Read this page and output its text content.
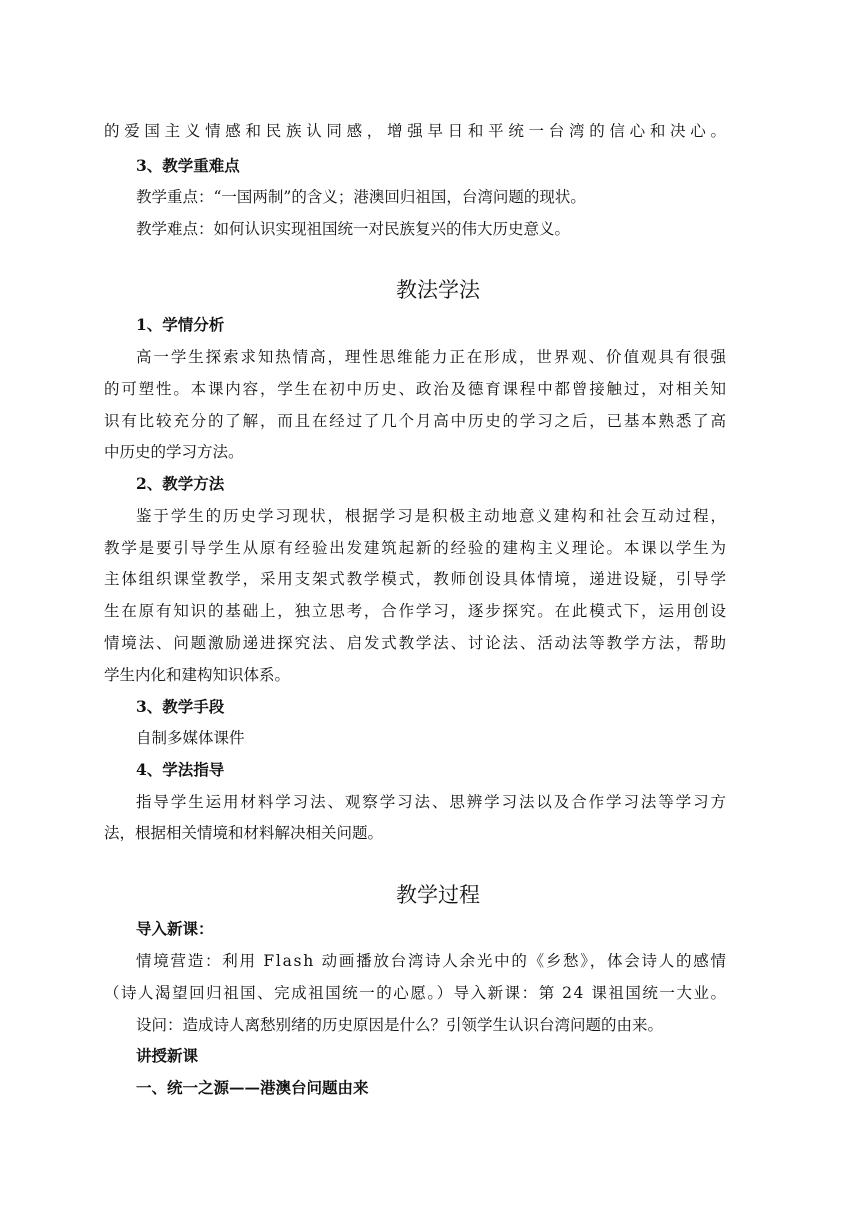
的爱国主义情感和民族认同感，增强早日和平统一台湾的信心和决心。
3、教学重难点
教学重点：“一国两制”的含义；港澳回归祖国，台湾问题的现状。
教学难点：如何认识实现祖国统一对民族复兴的伟大历史意义。
教法学法
1、学情分析
高一学生探索求知热情高，理性思维能力正在形成，世界观、价值观具有很强
的可塑性。本课内容，学生在初中历史、政治及德育课程中都曾接触过，对相关知
识有比较充分的了解，而且在经过了几个月高中历史的学习之后，已基本熟悉了高
中历史的学习方法。
2、教学方法
鉴于学生的历史学习现状，根据学习是积极主动地意义建构和社会互动过程，
教学是要引导学生从原有经验出发建筑起新的经验的建构主义理论。本课以学生为
主体组织课堂教学，采用支架式教学模式，教师创设具体情境，递进设疑，引导学
生在原有知识的基础上，独立思考，合作学习，逐步探究。在此模式下，运用创设
情境法、问题激励递进探究法、启发式教学法、讨论法、活动法等教学方法，帮助
学生内化和建构知识体系。
3、教学手段
自制多媒体课件
4、学法指导
指导学生运用材料学习法、观察学习法、思辨学习法以及合作学习法等学习方
法，根据相关情境和材料解决相关问题。
教学过程
导入新课：
情境营造：利用 Flash 动画播放台湾诗人余光中的《乡愁》，体会诗人的感情
（诗人渴望回归祖国、完成祖国统一的心愿。）导入新课：第 24 课祖国统一大业。
设问：造成诗人离愁别绪的历史原因是什么？引领学生认识台湾问题的由来。
讲授新课
一、统一之源——港澳台问题由来
